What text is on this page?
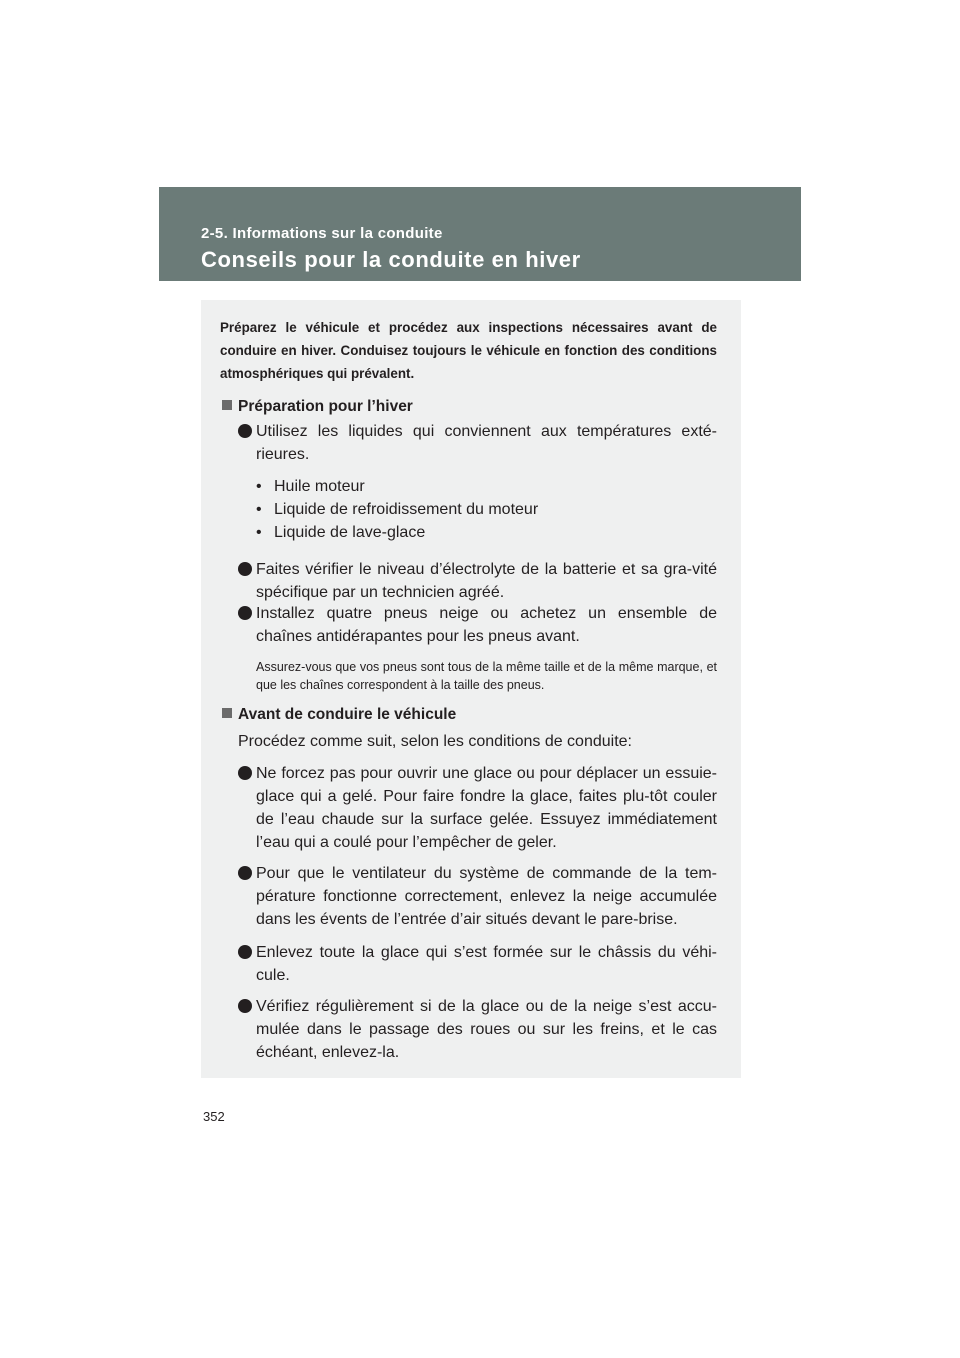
2-5. Informations sur la conduite
Conseils pour la conduite en hiver
352
Préparez le véhicule et procédez aux inspections nécessaires avant de conduire en hiver. Conduisez toujours le véhicule en fonction des conditions atmosphériques qui prévalent.
Préparation pour l’hiver
Utilisez les liquides qui conviennent aux températures exté-rieures.
• Huile moteur
• Liquide de refroidissement du moteur
• Liquide de lave-glace
Faites vérifier le niveau d’électrolyte de la batterie et sa gra-vité spécifique par un technicien agréé.
Installez quatre pneus neige ou achetez un ensemble de chaînes antidérapantes pour les pneus avant.
Assurez-vous que vos pneus sont tous de la même taille et de la même marque, et que les chaînes correspondent à la taille des pneus.
Avant de conduire le véhicule
Procédez comme suit, selon les conditions de conduite:
Ne forcez pas pour ouvrir une glace ou pour déplacer un essuie-glace qui a gelé. Pour faire fondre la glace, faites plu-tôt couler de l’eau chaude sur la surface gelée. Essuyez immédiatement l’eau qui a coulé pour l’empêcher de geler.
Pour que le ventilateur du système de commande de la tem-pérature fonctionne correctement, enlevez la neige accumulée dans les évents de l’entrée d’air situés devant le pare-brise.
Enlevez toute la glace qui s’est formée sur le châssis du véhi-cule.
Vérifiez régulièrement si de la glace ou de la neige s’est accu-mulée dans le passage des roues ou sur les freins, et le cas échéant, enlevez-la.
